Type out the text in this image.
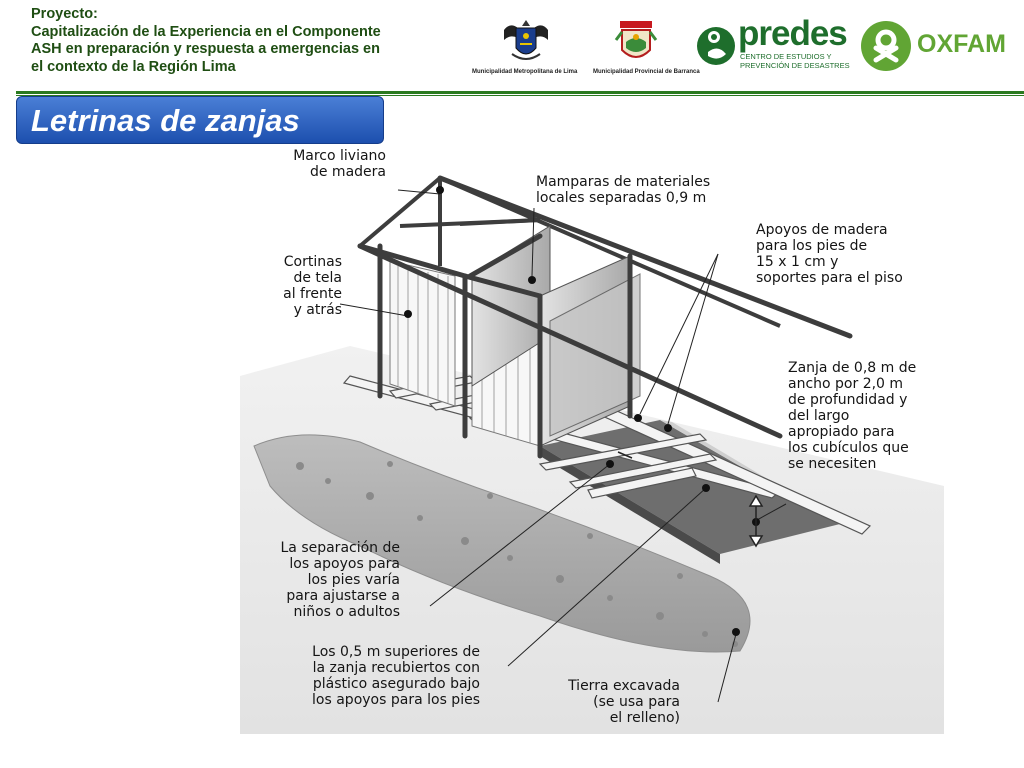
Proyecto:
Capitalización de la Experiencia en el Componente
ASH en preparación y respuesta a emergencias en
el contexto de la Región Lima	Municipalidad Metropolitana de Lima	Municipalidad Provincial de Barranca
predes
CENTRO DE ESTUDIOS Y
PREVENCIÓN DE DESASTRES
OXFAM
Letrinas de zanjas
Marco liviano
de madera
Mamparas de materiales
locales separadas 0,9 m
Apoyos de madera
para los pies de
15 x 1 cm y
soportes para el piso
Cortinas
de tela
al frente
y atrás
Zanja de 0,8 m de
ancho por 2,0 m
de profundidad y
del largo
apropiado para
los cubículos que
se necesiten
La separación de
los apoyos para
los pies varía
para ajustarse a
niños o adultos
Los 0,5 m superiores de
la zanja recubiertos con
plástico asegurado bajo
los apoyos para los pies
Tierra excavada
(se usa para
el relleno)
